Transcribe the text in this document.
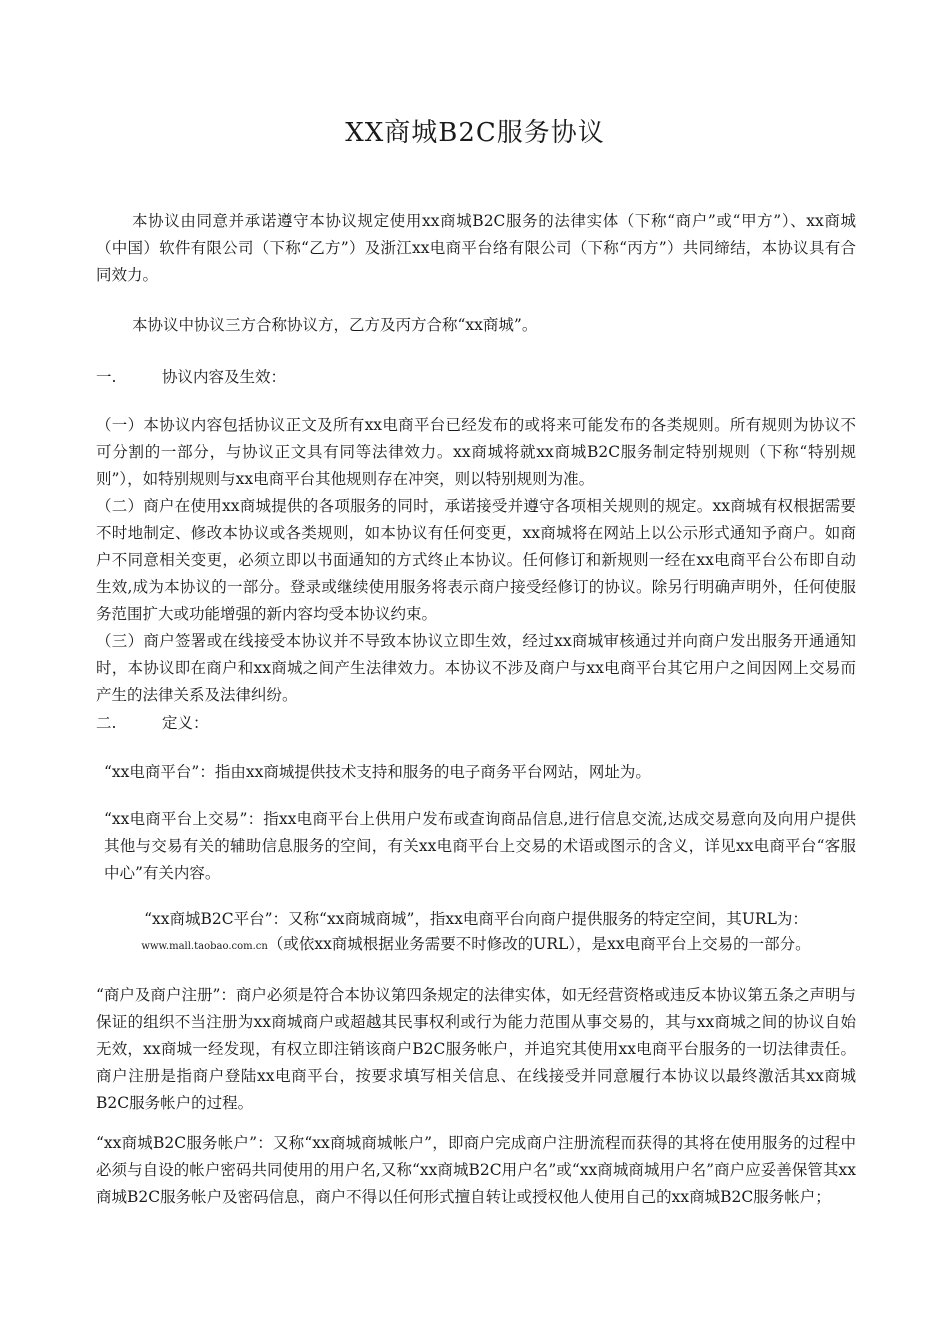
XX商城B2C服务协议

本协议由同意并承诺遵守本协议规定使用xx商城B2C服务的法律实体（下称“商户”或“甲方”）、xx商城（中国）软件有限公司（下称“乙方”）及浙江xx电商平台络有限公司（下称“丙方”）共同缔结，本协议具有合同效力。

本协议中协议三方合称协议方，乙方及丙方合称“xx商城”。

一.	协议内容及生效：

（一）本协议内容包括协议正文及所有xx电商平台已经发布的或将来可能发布的各类规则。所有规则为协议不可分割的一部分，与协议正文具有同等法律效力。xx商城将就xx商城B2C服务制定特别规则（下称“特别规则”），如特别规则与xx电商平台其他规则存在冲突，则以特别规则为准。

（二）商户在使用xx商城提供的各项服务的同时，承诺接受并遵守各项相关规则的规定。xx商城有权根据需要不时地制定、修改本协议或各类规则，如本协议有任何变更，xx商城将在网站上以公示形式通知予商户。如商户不同意相关变更，必须立即以书面通知的方式终止本协议。任何修订和新规则一经在xx电商平台公布即自动生效,成为本协议的一部分。登录或继续使用服务将表示商户接受经修订的协议。除另行明确声明外，任何使服务范围扩大或功能增强的新内容均受本协议约束。

（三）商户签署或在线接受本协议并不导致本协议立即生效，经过xx商城审核通过并向商户发出服务开通通知时，本协议即在商户和xx商城之间产生法律效力。本协议不涉及商户与xx电商平台其它用户之间因网上交易而产生的法律关系及法律纠纷。

二.	定义：

“xx电商平台”：指由xx商城提供技术支持和服务的电子商务平台网站，网址为。

“xx电商平台上交易”：指xx电商平台上供用户发布或查询商品信息,进行信息交流,达成交易意向及向用户提供其他与交易有关的辅助信息服务的空间，有关xx电商平台上交易的术语或图示的含义，详见xx电商平台“客服中心”有关内容。

“xx商城B2C平台”：又称“xx商城商城”，指xx电商平台向商户提供服务的特定空间，其URL为：

www.mall.taobao.com.cn（或依xx商城根据业务需要不时修改的URL），是xx电商平台上交易的一部分。

“商户及商户注册”：商户必须是符合本协议第四条规定的法律实体，如无经营资格或违反本协议第五条之声明与保证的组织不当注册为xx商城商户或超越其民事权利或行为能力范围从事交易的，其与xx商城之间的协议自始无效，xx商城一经发现，有权立即注销该商户B2C服务帐户，并追究其使用xx电商平台服务的一切法律责任。商户注册是指商户登陆xx电商平台，按要求填写相关信息、在线接受并同意履行本协议以最终激活其xx商城B2C服务帐户的过程。

“xx商城B2C服务帐户”：又称“xx商城商城帐户”，即商户完成商户注册流程而获得的其将在使用服务的过程中必须与自设的帐户密码共同使用的用户名,又称“xx商城B2C用户名”或“xx商城商城用户名”商户应妥善保管其xx商城B2C服务帐户及密码信息，商户不得以任何形式擅自转让或授权他人使用自己的xx商城B2C服务帐户；
